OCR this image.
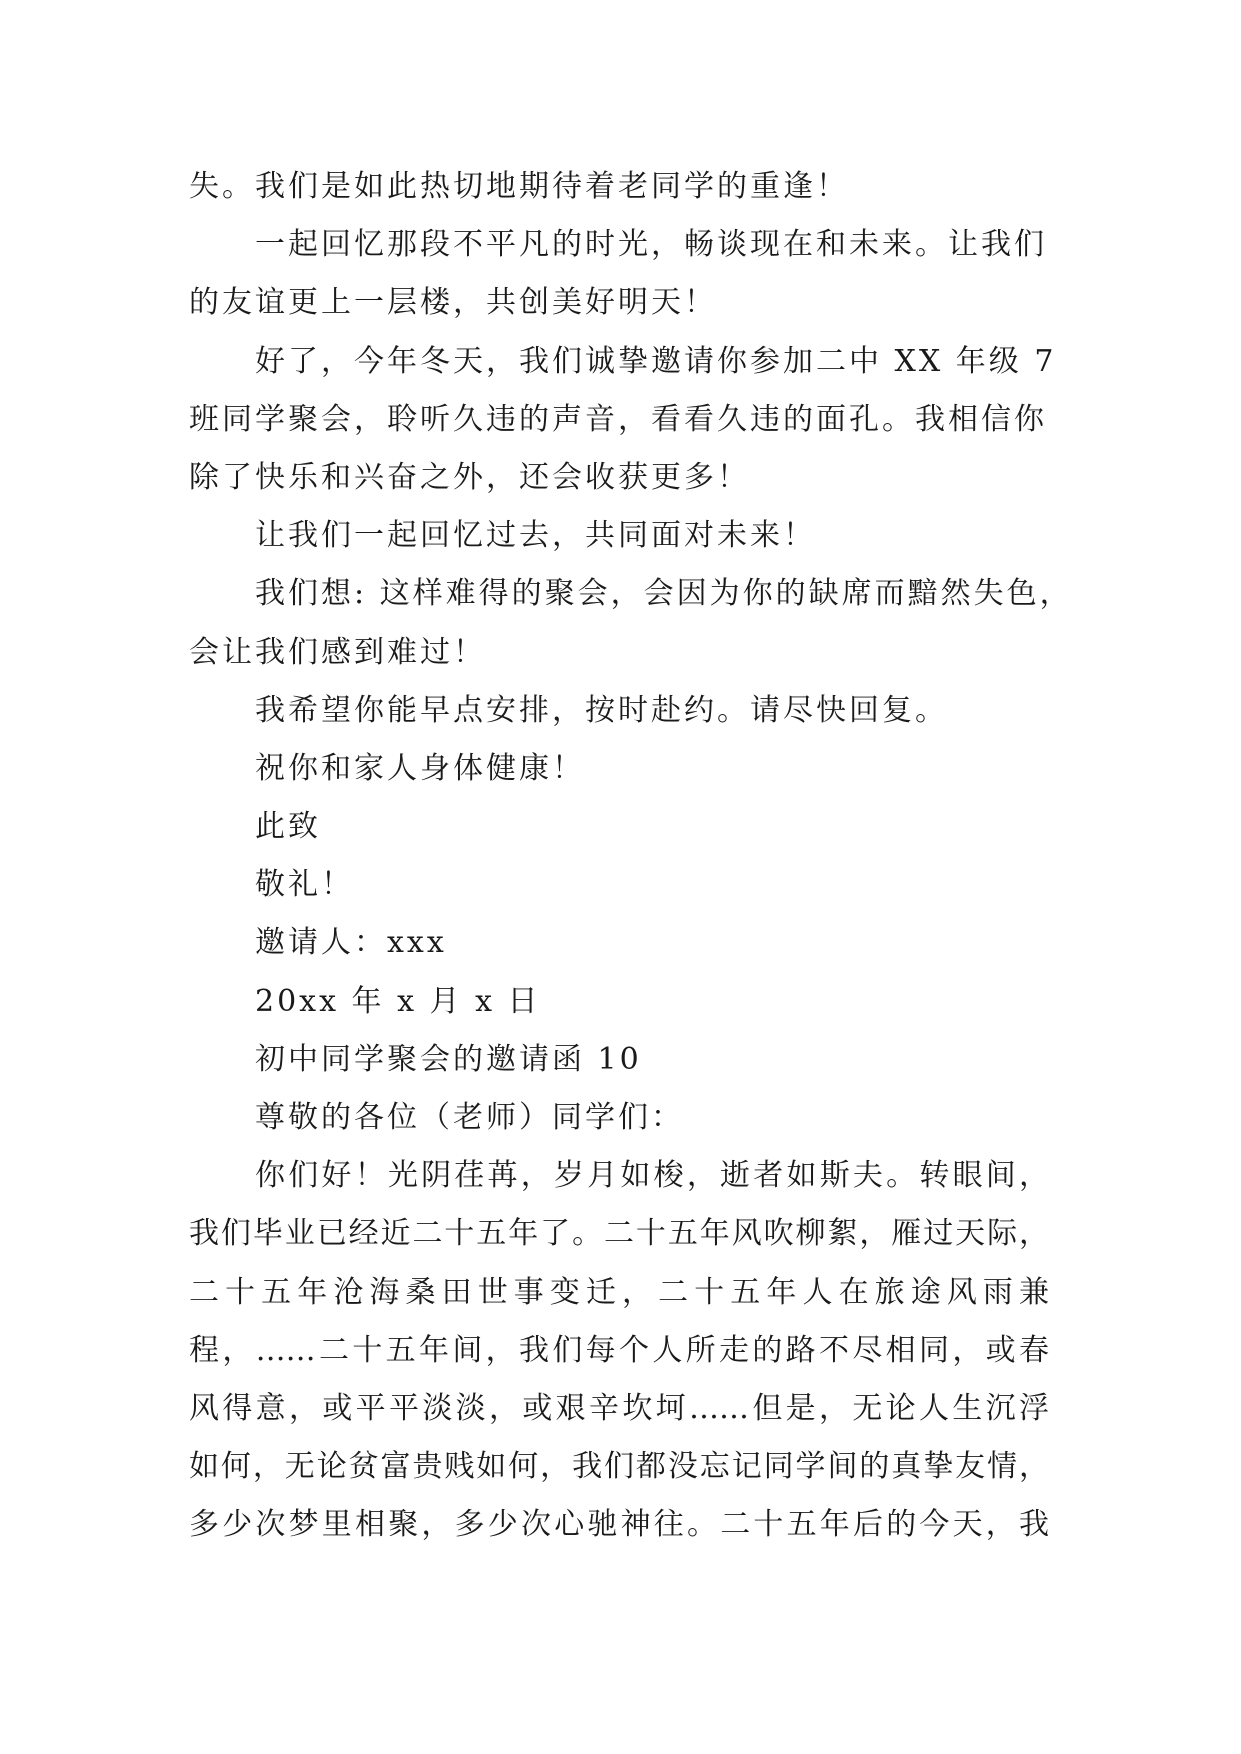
失。我们是如此热切地期待着老同学的重逢！
一起回忆那段不平凡的时光，畅谈现在和未来。让我们
的友谊更上一层楼，共创美好明天！
好了，今年冬天，我们诚挚邀请你参加二中 XX 年级 7
班同学聚会，聆听久违的声音，看看久违的面孔。我相信你
除了快乐和兴奋之外，还会收获更多！
让我们一起回忆过去，共同面对未来！
我们想: 这样难得的聚会，会因为你的缺席而黯然失色，
会让我们感到难过！
我希望你能早点安排，按时赴约。请尽快回复。
祝你和家人身体健康！
此致
敬礼！
邀请人：xxx
20xx 年 x 月 x 日
初中同学聚会的邀请函 10
尊敬的各位（老师）同学们：
你们好！光阴荏苒，岁月如梭，逝者如斯夫。转眼间，
我们毕业已经近二十五年了。二十五年风吹柳絮，雁过天际，
二十五年沧海桑田世事变迁，二十五年人在旅途风雨兼
程，……二十五年间，我们每个人所走的路不尽相同，或春
风得意，或平平淡淡，或艰辛坎坷……但是，无论人生沉浮
如何，无论贫富贵贱如何，我们都没忘记同学间的真挚友情，
多少次梦里相聚，多少次心驰神往。二十五年后的今天，我
